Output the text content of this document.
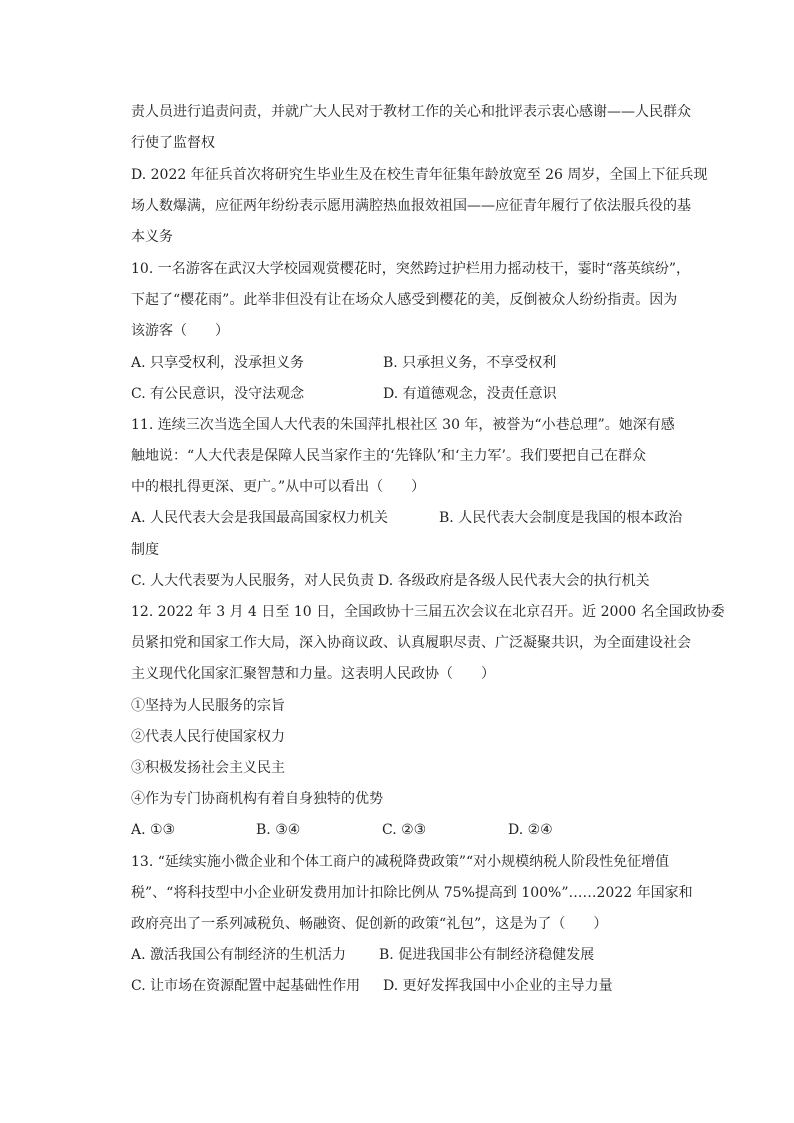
责人员进行追责问责，并就广大人民对于教材工作的关心和批评表示衷心感谢——人民群众
行使了监督权
D. 2022 年征兵首次将研究生毕业生及在校生青年征集年龄放宽至 26 周岁，全国上下征兵现
场人数爆满，应征两年纷纷表示愿用满腔热血报效祖国——应征青年履行了依法服兵役的基
本义务
10. 一名游客在武汉大学校园观赏樱花时，突然跨过护栏用力摇动枝干，霎时“落英缤纷”，
下起了“樱花雨”。此举非但没有让在场众人感受到樱花的美，反倒被众人纷纷指责。因为
该游客（　　）
A. 只享受权利，没承担义务	B. 只承担义务，不享受权利
C. 有公民意识，没守法观念	D. 有道德观念，没责任意识
11. 连续三次当选全国人大代表的朱国萍扎根社区 30 年，被誉为“小巷总理”。她深有感
触地说：“人大代表是保障人民当家作主的‘先锋队’和‘主力军’。我们要把自己在群众
中的根扎得更深、更广。”从中可以看出（　　）
A. 人民代表大会是我国最高国家权力机关	B. 人民代表大会制度是我国的根本政治
制度
C. 人大代表要为人民服务，对人民负责 D. 各级政府是各级人民代表大会的执行机关
12. 2022 年 3 月 4 日至 10 日，全国政协十三届五次会议在北京召开。近 2000 名全国政协委
员紧扣党和国家工作大局，深入协商议政、认真履职尽责、广泛凝聚共识，为全面建设社会
主义现代化国家汇聚智慧和力量。这表明人民政协（　　）
①坚持为人民服务的宗旨
②代表人民行使国家权力
③积极发扬社会主义民主
④作为专门协商机构有着自身独特的优势
A. ①③	B. ③④	C. ②③	D. ②④
13. “延续实施小微企业和个体工商户的减税降费政策”“对小规模纳税人阶段性免征增值
税”、“将科技型中小企业研发费用加计扣除比例从 75%提高到 100%”……2022 年国家和
政府亮出了一系列减税负、畅融资、促创新的政策“礼包”，这是为了（　　）
A. 激活我国公有制经济的生机活力 B. 促进我国非公有制经济稳健发展
C. 让市场在资源配置中起基础性作用 D. 更好发挥我国中小企业的主导力量
